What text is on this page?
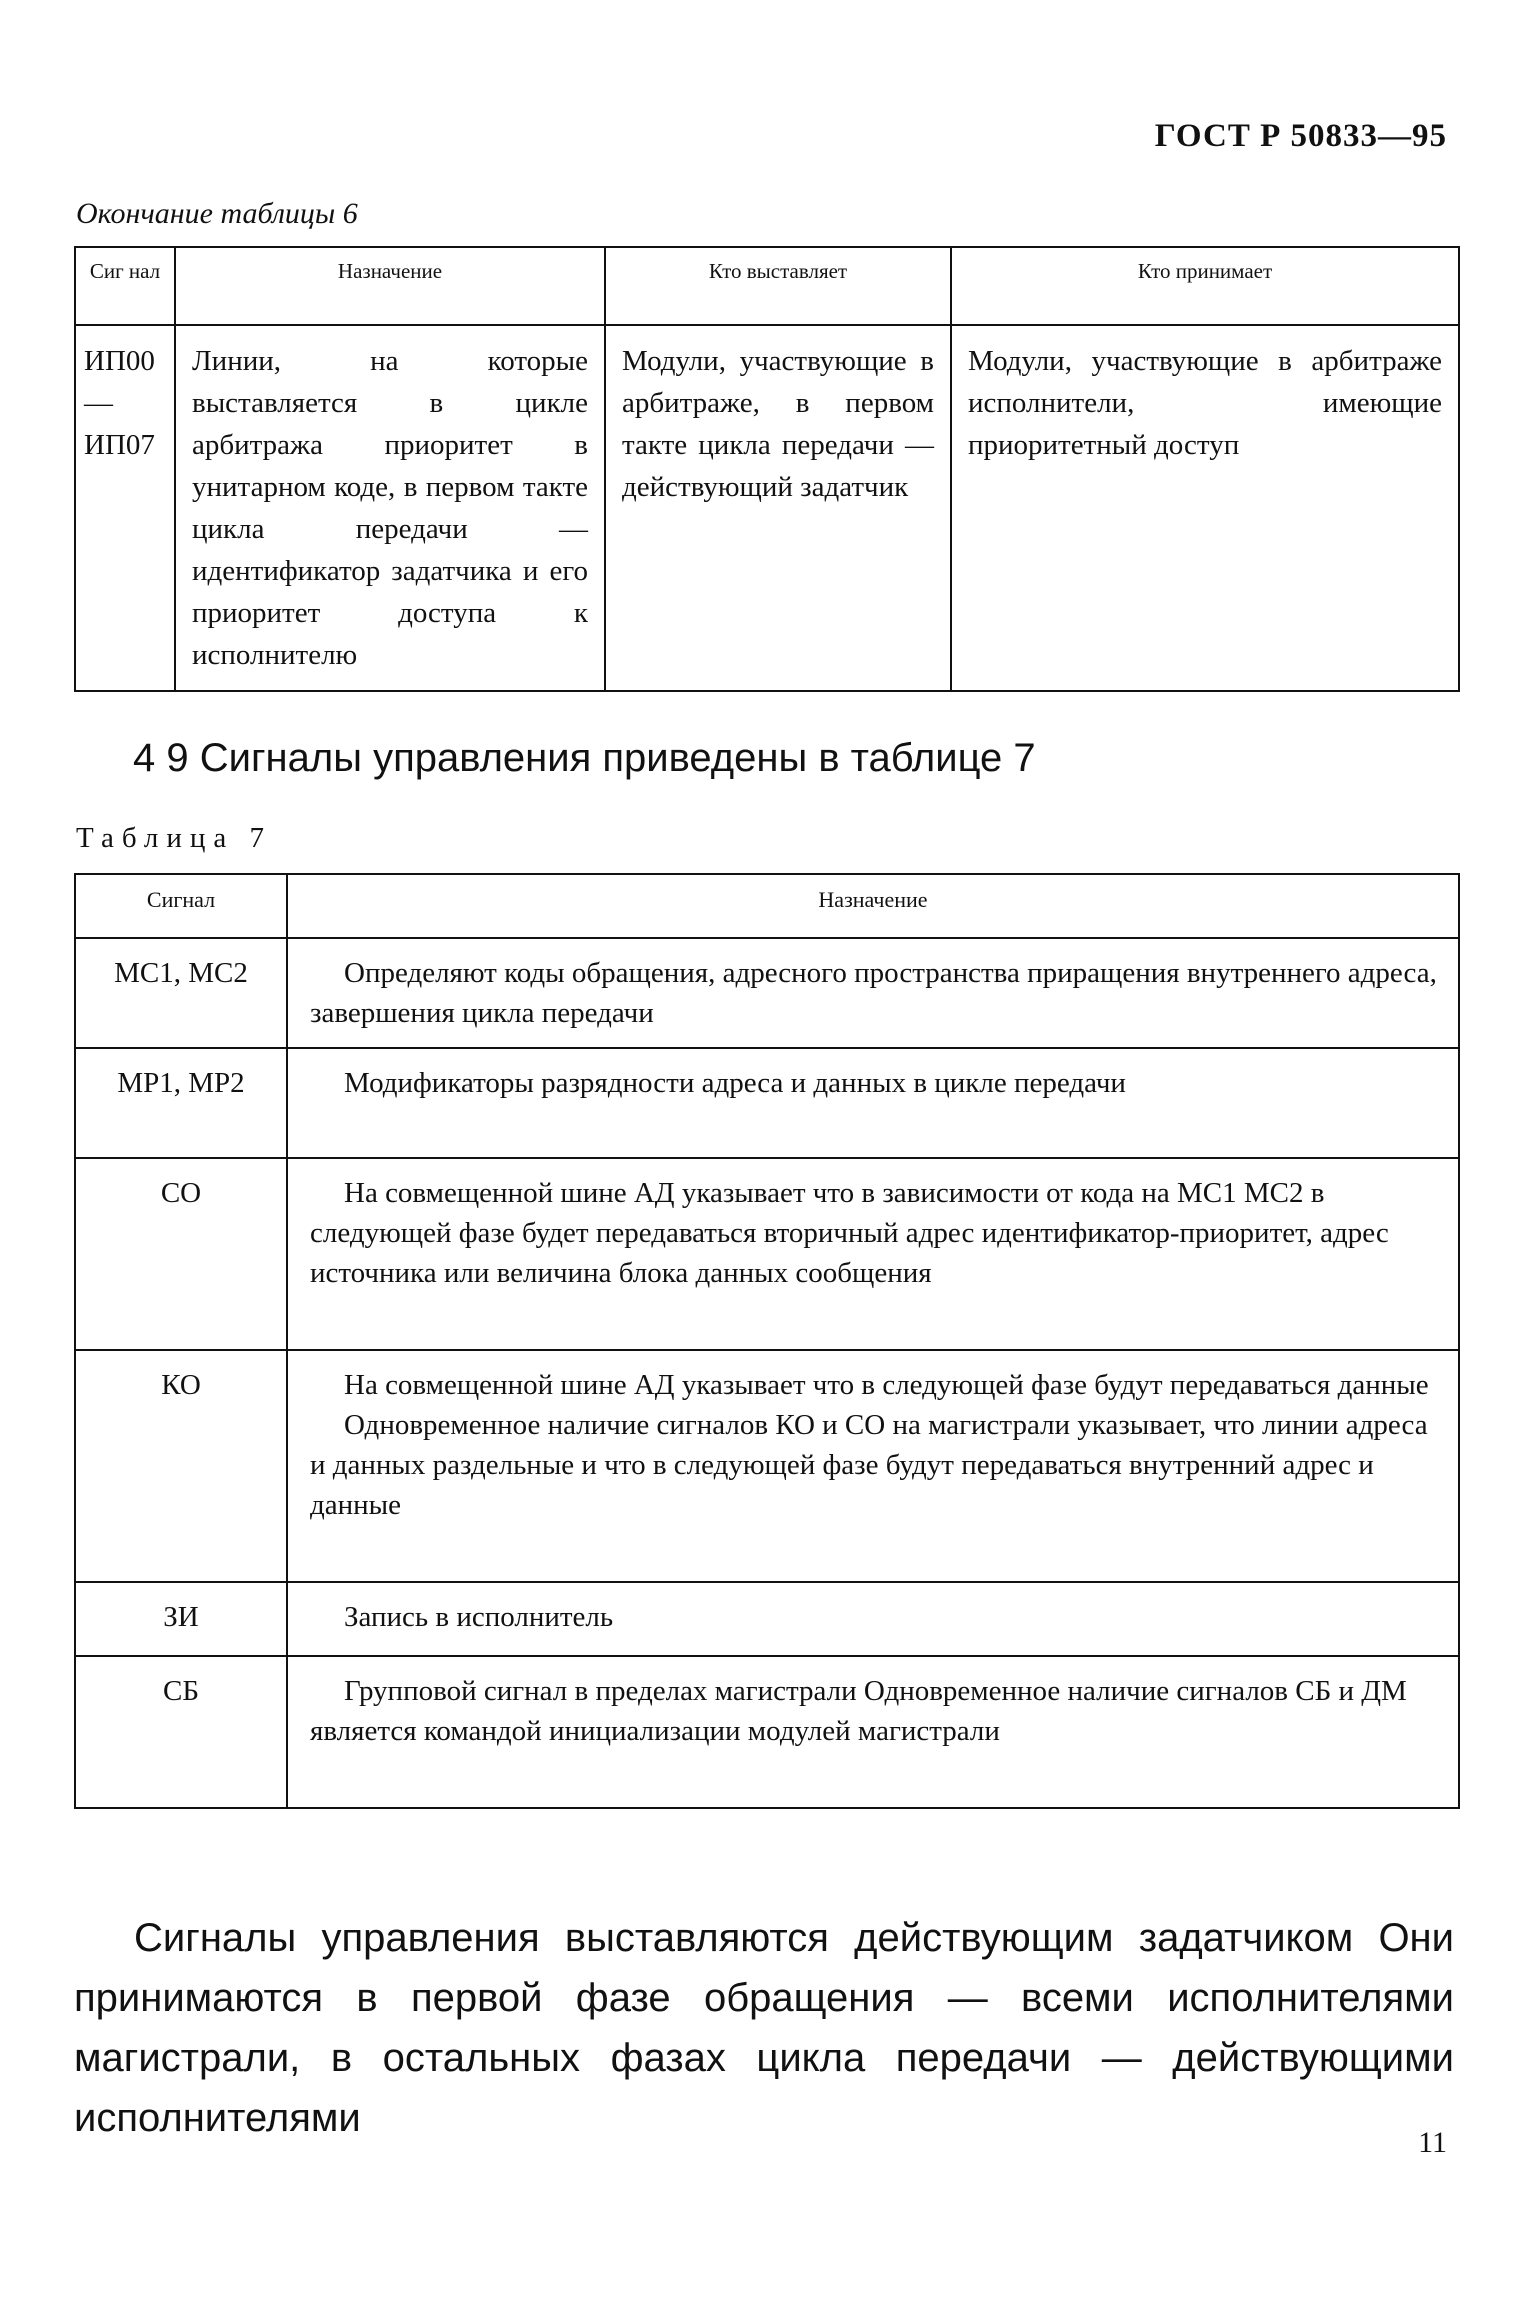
ГОСТ Р 50833—95
Окончание таблицы 6
Сиг нал	Назначение	Кто выставляет	Кто принимает
ИП00— ИП07	Линии, на которые выставляется в цикле арбитража приоритет в унитарном коде, в первом такте цикла передачи — идентификатор задатчика и его приоритет доступа к исполнителю	Модули, участвующие в арбитраже, в первом такте цикла передачи — действующий задатчик	Модули, участвующие в арбитраже исполнители, имеющие приоритетный доступ
4 9 Сигналы управления приведены в таблице 7
Таблица 7
Сигнал	Назначение
МС1, МС2	Определяют коды обращения, адресного пространства приращения внутреннего адреса, завершения цикла передачи

МР1, МР2	Модификаторы разрядности адреса и данных в цикле передачи

СО	На совмещенной шине АД указывает что в зависимости от кода на МС1 МС2 в следующей фазе будет передаваться вторичный адрес идентификатор-приоритет, адрес источника или величина блока данных сообщения

КО	На совмещенной шине АД указывает что в следующей фазе будут передаваться данные

Одновременное наличие сигналов КО и СО на магистрали указывает, что линии адреса и данных раздельные и что в следующей фазе будут передаваться внутренний адрес и данные

ЗИ	Запись в исполнитель

СБ	Групповой сигнал в пределах магистрали Одновременное наличие сигналов СБ и ДМ является командой инициализации модулей магистрали

Сигналы управления выставляются действующим задатчиком Они принимаются в первой фазе обращения — всеми исполнителями магистрали, в остальных фазах цикла передачи — действующими исполнителями
11
